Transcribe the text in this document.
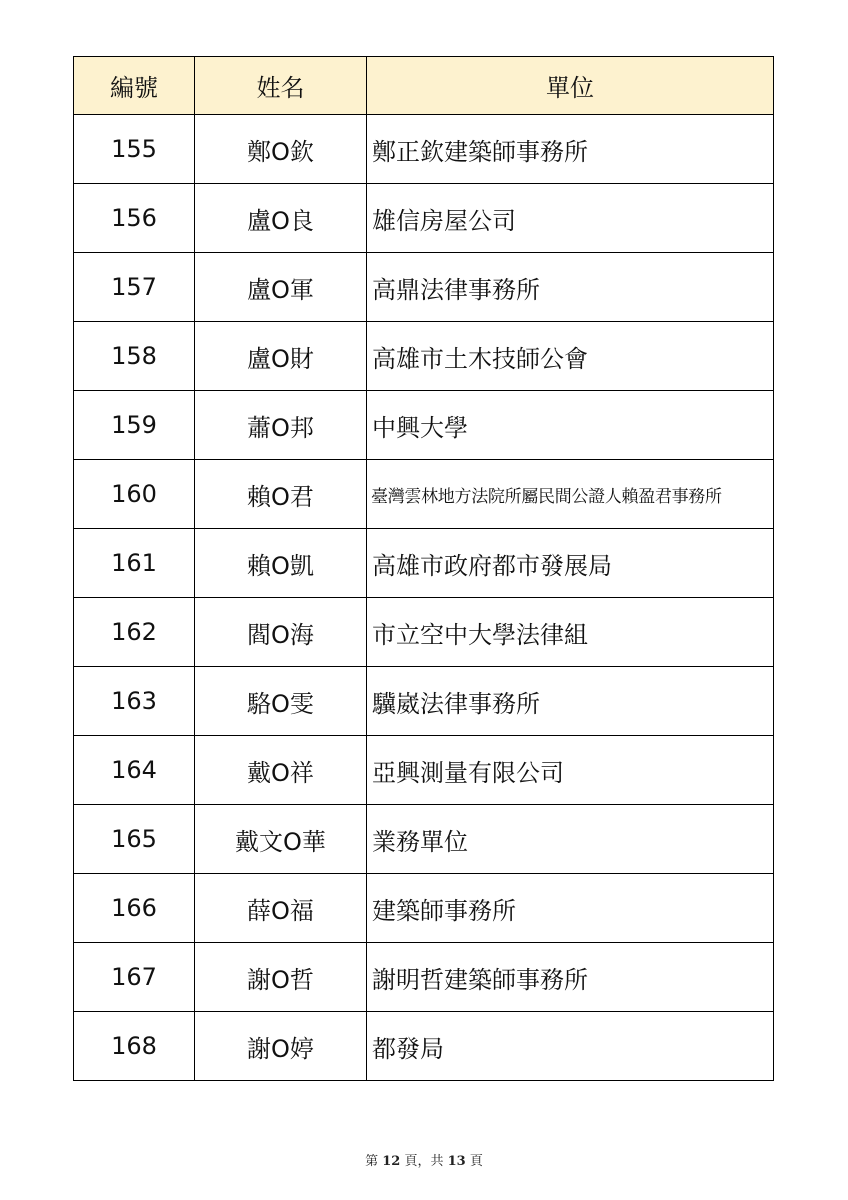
編號	姓名	單位
155	鄭O欽	鄭正欽建築師事務所
156	盧O良	雄信房屋公司
157	盧O軍	高鼎法律事務所
158	盧O財	高雄市土木技師公會
159	蕭O邦	中興大學
160	賴O君	臺灣雲林地方法院所屬民間公證人賴盈君事務所
161	賴O凱	高雄市政府都市發展局
162	閻O海	市立空中大學法律組
163	駱O雯	驥崴法律事務所
164	戴O祥	亞興測量有限公司
165	戴文O華	業務單位
166	薛O福	建築師事務所
167	謝O哲	謝明哲建築師事務所
168	謝O婷	都發局
第 12 頁，共 13 頁
